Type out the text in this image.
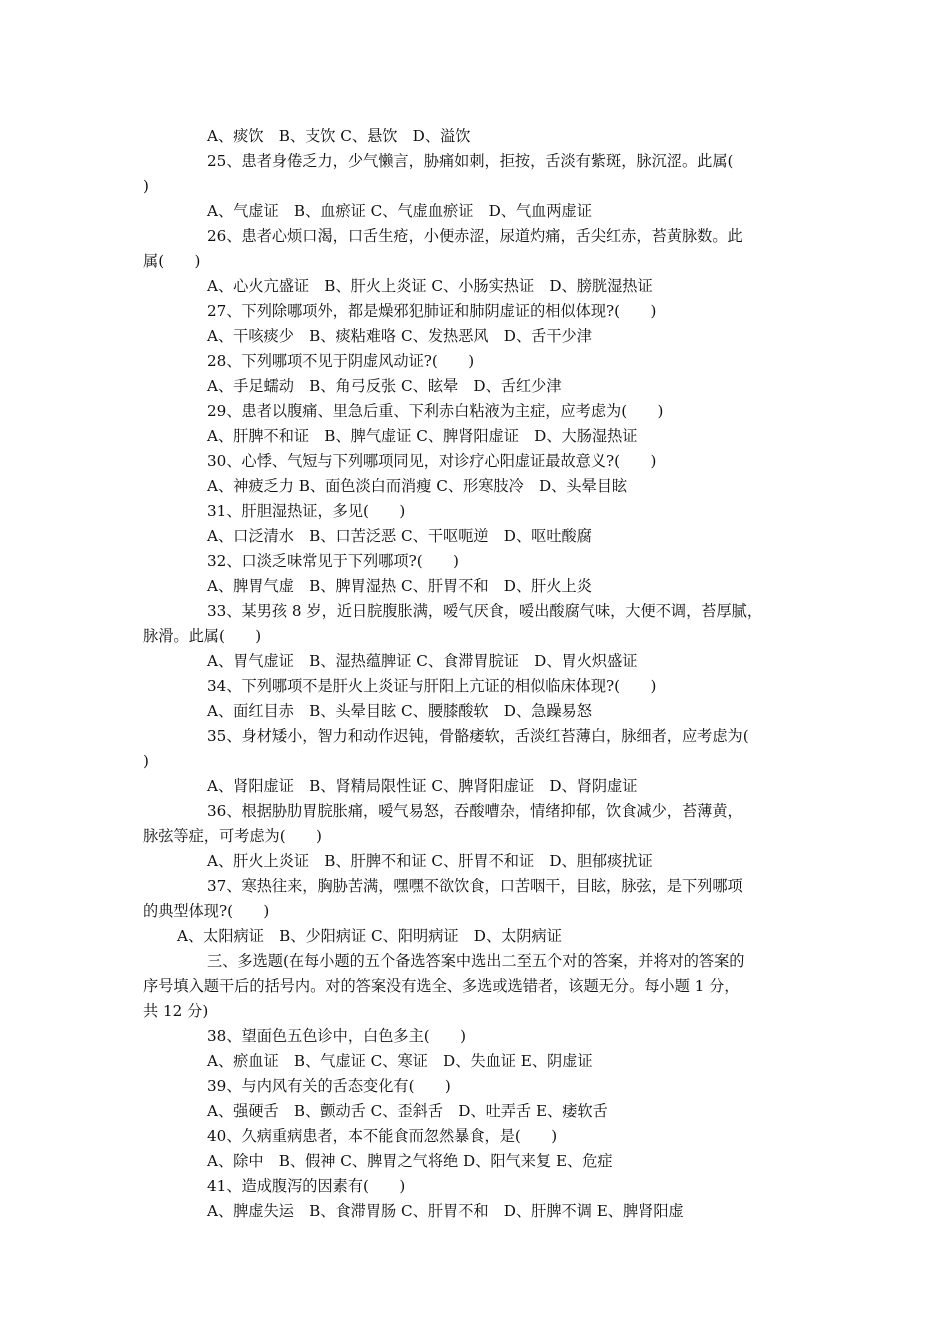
A、痰饮　B、支饮 C、悬饮　D、溢饮
25、患者身倦乏力，少气懒言，胁痛如刺，拒按，舌淡有紫斑，脉沉涩。此属(
)
A、气虚证　B、血瘀证 C、气虚血瘀证　D、气血两虚证
26、患者心烦口渴，口舌生疮，小便赤涩，尿道灼痛，舌尖红赤，苔黄脉数。此
属(　　)
A、心火亢盛证　B、肝火上炎证 C、小肠实热证　D、膀胱湿热证
27、下列除哪项外，都是燥邪犯肺证和肺阴虚证的相似体现?(　　)
A、干咳痰少　B、痰粘难咯 C、发热恶风　D、舌干少津
28、下列哪项不见于阴虚风动证?(　　)
A、手足蠕动　B、角弓反张 C、眩晕　D、舌红少津
29、患者以腹痛、里急后重、下利赤白粘液为主症，应考虑为(　　)
A、肝脾不和证　B、脾气虚证 C、脾肾阳虚证　D、大肠湿热证
30、心悸、气短与下列哪项同见，对诊疗心阳虚证最故意义?(　　)
A、神疲乏力 B、面色淡白而消瘦 C、形寒肢冷　D、头晕目眩
31、肝胆湿热证，多见(　　)
A、口泛清水　B、口苦泛恶 C、干呕呃逆　D、呕吐酸腐
32、口淡乏味常见于下列哪项?(　　)
A、脾胃气虚　B、脾胃湿热 C、肝胃不和　D、肝火上炎
33、某男孩 8 岁，近日脘腹胀满，嗳气厌食，嗳出酸腐气味，大便不调，苔厚腻，
脉滑。此属(　　)
A、胃气虚证　B、湿热蕴脾证 C、食滞胃脘证　D、胃火炽盛证
34、下列哪项不是肝火上炎证与肝阳上亢证的相似临床体现?(　　)
A、面红目赤　B、头晕目眩 C、腰膝酸软　D、急躁易怒
35、身材矮小，智力和动作迟钝，骨骼痿软，舌淡红苔薄白，脉细者，应考虑为(
)
A、肾阳虚证　B、肾精局限性证 C、脾肾阳虚证　D、肾阴虚证
36、根据胁肋胃脘胀痛，嗳气易怒，吞酸嘈杂，情绪抑郁，饮食减少，苔薄黄，
脉弦等症，可考虑为(　　)
A、肝火上炎证　B、肝脾不和证 C、肝胃不和证　D、胆郁痰扰证
37、寒热往来，胸胁苦满，嘿嘿不欲饮食，口苦咽干，目眩，脉弦，是下列哪项
的典型体现?(　　)
A、太阳病证　B、少阳病证 C、阳明病证　D、太阴病证
三、多选题(在每小题的五个备选答案中选出二至五个对的答案，并将对的答案的
序号填入题干后的括号内。对的答案没有选全、多选或选错者，该题无分。每小题 1 分，
共 12 分)
38、望面色五色诊中，白色多主(　　)
A、瘀血证　B、气虚证 C、寒证　D、失血证 E、阴虚证
39、与内风有关的舌态变化有(　　)
A、强硬舌　B、颤动舌 C、歪斜舌　D、吐弄舌 E、痿软舌
40、久病重病患者，本不能食而忽然暴食，是(　　)
A、除中　B、假神 C、脾胃之气将绝 D、阳气来复 E、危症
41、造成腹泻的因素有(　　)
A、脾虚失运　B、食滞胃肠 C、肝胃不和　D、肝脾不调 E、脾肾阳虚
